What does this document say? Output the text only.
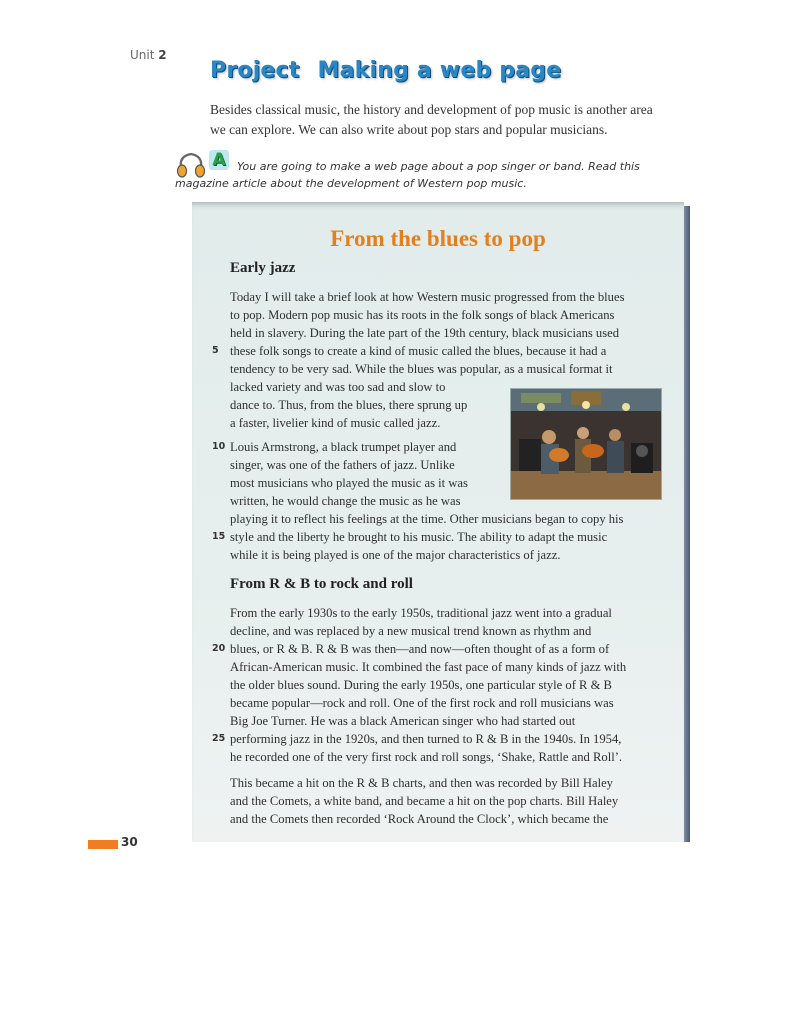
Unit 2
Project Making a web page

Besides classical music, the history and development of pop music is another area we can explore. We can also write about pop stars and popular musicians.

You are going to make a web page about a pop singer or band. Read this magazine article about the development of Western pop music.

A
From the blues to pop
Early jazz
Today I will take a brief look at how Western music progressed from the blues
to pop. Modern pop music has its roots in the folk songs of black Americans
held in slavery. During the late part of the 19th century, black musicians used
these folk songs to create a kind of music called the blues, because it had a
5
tendency to be very sad. While the blues was popular, as a musical format it
lacked variety and was too sad and slow to
dance to. Thus, from the blues, there sprung up
a faster, livelier kind of music called jazz.
Louis Armstrong, a black trumpet player and
10
singer, was one of the fathers of jazz. Unlike
most musicians who played the music as it was
written, he would change the music as he was
playing it to reflect his feelings at the time. Other musicians began to copy his
style and the liberty he brought to his music. The ability to adapt the music
15
while it is being played is one of the major characteristics of jazz.
From R & B to rock and roll
From the early 1930s to the early 1950s, traditional jazz went into a gradual
decline, and was replaced by a new musical trend known as rhythm and
blues, or R & B. R & B was then—and now—often thought of as a form of
20
African-American music. It combined the fast pace of many kinds of jazz with
the older blues sound. During the early 1950s, one particular style of R & B
became popular—rock and roll. One of the first rock and roll musicians was
Big Joe Turner. He was a black American singer who had started out
performing jazz in the 1920s, and then turned to R & B in the 1940s. In 1954,
25
he recorded one of the very first rock and roll songs, ‘Shake, Rattle and Roll’.
This became a hit on the R & B charts, and then was recorded by Bill Haley
and the Comets, a white band, and became a hit on the pop charts. Bill Haley
and the Comets then recorded ‘Rock Around the Clock’, which became the
30
